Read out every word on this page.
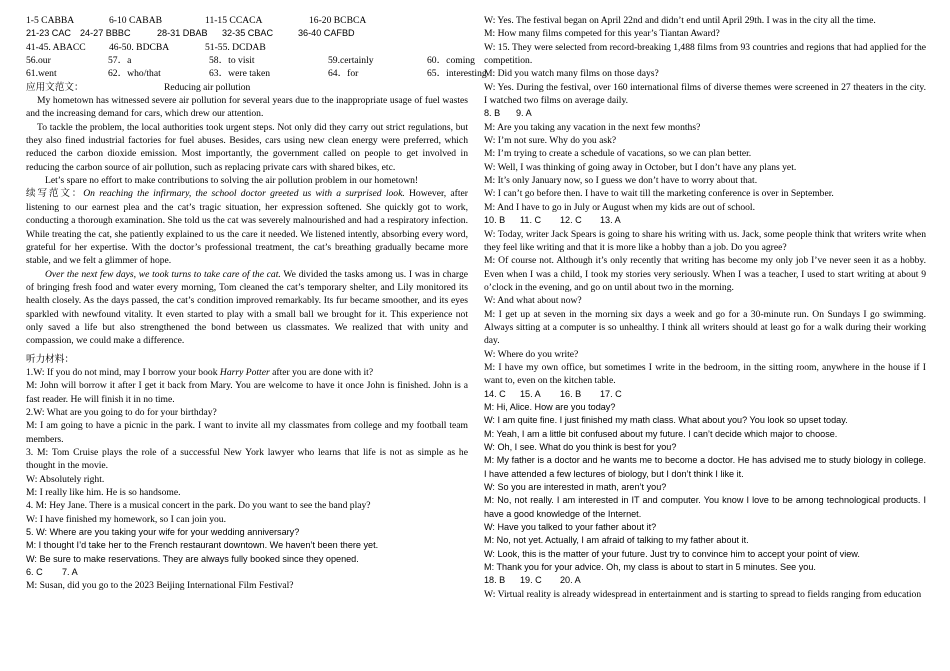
1-5 CABBA	6-10 CABAB	11-15 CCACA	16-20 BCBCA
21-23 CAC 24-27 BBBC	28-31 DBAB 32-35 CBAC	36-40 CAFBD
41-45. ABACC 46-50. BDCBA	51-55. DCDAB
56.our	57．a	58．to visit	59.certainly	60．coming
61.went	62．who/that	63．were taken	64．for	65．interesting
应用文范文：	Reducing air pollution
My hometown has witnessed severe air pollution for several years due to the inappropriate usage of fuel wastes and the increasing demand for cars, which drew our attention.
To tackle the problem, the local authorities took urgent steps. Not only did they carry out strict regulations, but they also fined industrial factories for fuel abuses. Besides, cars using new clean energy were preferred, which reduced the carbon dioxide emission. Most importantly, the government called on people to get involved in reducing the carbon source of air pollution, such as replacing private cars with shared bikes, etc.
Let’s spare no effort to make contributions to solving the air pollution problem in our hometown!
续写范文：On reaching the infirmary, the school doctor greeted us with a surprised look. However, after listening to our earnest plea and the cat’s tragic situation, her expression softened. She quickly got to work, conducting a thorough examination. She told us the cat was severely malnourished and had a respiratory infection. While treating the cat, she patiently explained to us the care it needed. We listened intently, absorbing every word, grateful for her expertise. With the doctor’s professional treatment, the cat’s breathing gradually became more stable, and we felt a glimmer of hope.
Over the next few days, we took turns to take care of the cat. We divided the tasks among us. I was in charge of bringing fresh food and water every morning, Tom cleaned the cat’s temporary shelter, and Lily monitored its health closely. As the days passed, the cat’s condition improved remarkably. Its fur became smoother, and its eyes sparkled with newfound vitality. It even started to play with a small ball we brought for it. This experience not only saved a life but also strengthened the bond between us classmates. We realized that with unity and compassion, we could make a difference.
听力材料：
1.W: If you do not mind, may I borrow your book Harry Potter after you are done with it?
M: John will borrow it after I get it back from Mary. You are welcome to have it once John is finished. John is a fast reader. He will finish it in no time.
2.W: What are you going to do for your birthday?
M: I am going to have a picnic in the park. I want to invite all my classmates from college and my football team members.
3. M: Tom Cruise plays the role of a successful New York lawyer who learns that life is not as simple as he thought in the movie.
W: Absolutely right.
M: I really like him. He is so handsome.
4. M: Hey Jane. There is a musical concert in the park. Do you want to see the band play?
W: I have finished my homework, so I can join you.
5. W: Where are you taking your wife for your wedding anniversary?
M: I thought I’d take her to the French restaurant downtown. We haven’t been there yet.
W: Be sure to make reservations. They are always fully booked since they opened.
6. C 7. A
M: Susan, did you go to the 2023 Beijing International Film Festival?
W: Yes. The festival began on April 22nd and didn’t end until April 29th. I was in the city all the time.
M: How many films competed for this year’s Tiantan Award?
W: 15. They were selected from record-breaking 1,488 films from 93 countries and regions that had applied for the competition.
M: Did you watch many films on those days?
W: Yes. During the festival, over 160 international films of diverse themes were screened in 27 theaters in the city. I watched two films on average daily.
8. B 9. A
M: Are you taking any vacation in the next few months?
W: I’m not sure. Why do you ask?
M: I’m trying to create a schedule of vacations, so we can plan better.
W: Well, I was thinking of going away in October, but I don’t have any plans yet.
M: It’s only January now, so I guess we don’t have to worry about that.
W: I can’t go before then. I have to wait till the marketing conference is over in September.
M: And I have to go in July or August when my kids are out of school.
10. B 11. C 12. C 13. A
W: Today, writer Jack Spears is going to share his writing with us. Jack, some people think that writers write when they feel like writing and that it is more like a hobby than a job. Do you agree?
M: Of course not. Although it’s only recently that writing has become my only job I’ve never seen it as a hobby. Even when I was a child, I took my stories very seriously. When I was a teacher, I used to start writing at about 9 o’clock in the evening, and go on until about two in the morning.
W: And what about now?
M: I get up at seven in the morning six days a week and go for a 30-minute run. On Sundays I go swimming. Always sitting at a computer is so unhealthy. I think all writers should at least go for a walk during their working day.
W: Where do you write?
M: I have my own office, but sometimes I write in the bedroom, in the sitting room, anywhere in the house if I want to, even on the kitchen table.
14. C 15. A 16. B 17. C
M: Hi, Alice. How are you today?
W: I am quite fine. I just finished my math class. What about you? You look so upset today.
M: Yeah, I am a little bit confused about my future. I can’t decide which major to choose.
W: Oh, I see. What do you think is best for you?
M: My father is a doctor and he wants me to become a doctor. He has advised me to study biology in college. I have attended a few lectures of biology, but I don’t think I like it.
W: So you are interested in math, aren’t you?
M: No, not really. I am interested in IT and computer. You know I love to be among technological products. I have a good knowledge of the Internet.
W: Have you talked to your father about it?
M: No, not yet. Actually, I am afraid of talking to my father about it.
W: Look, this is the matter of your future. Just try to convince him to accept your point of view.
M: Thank you for your advice. Oh, my class is about to start in 5 minutes. See you.
18. B 19. C 20. A
W: Virtual reality is already widespread in entertainment and is starting to spread to fields ranging from education
